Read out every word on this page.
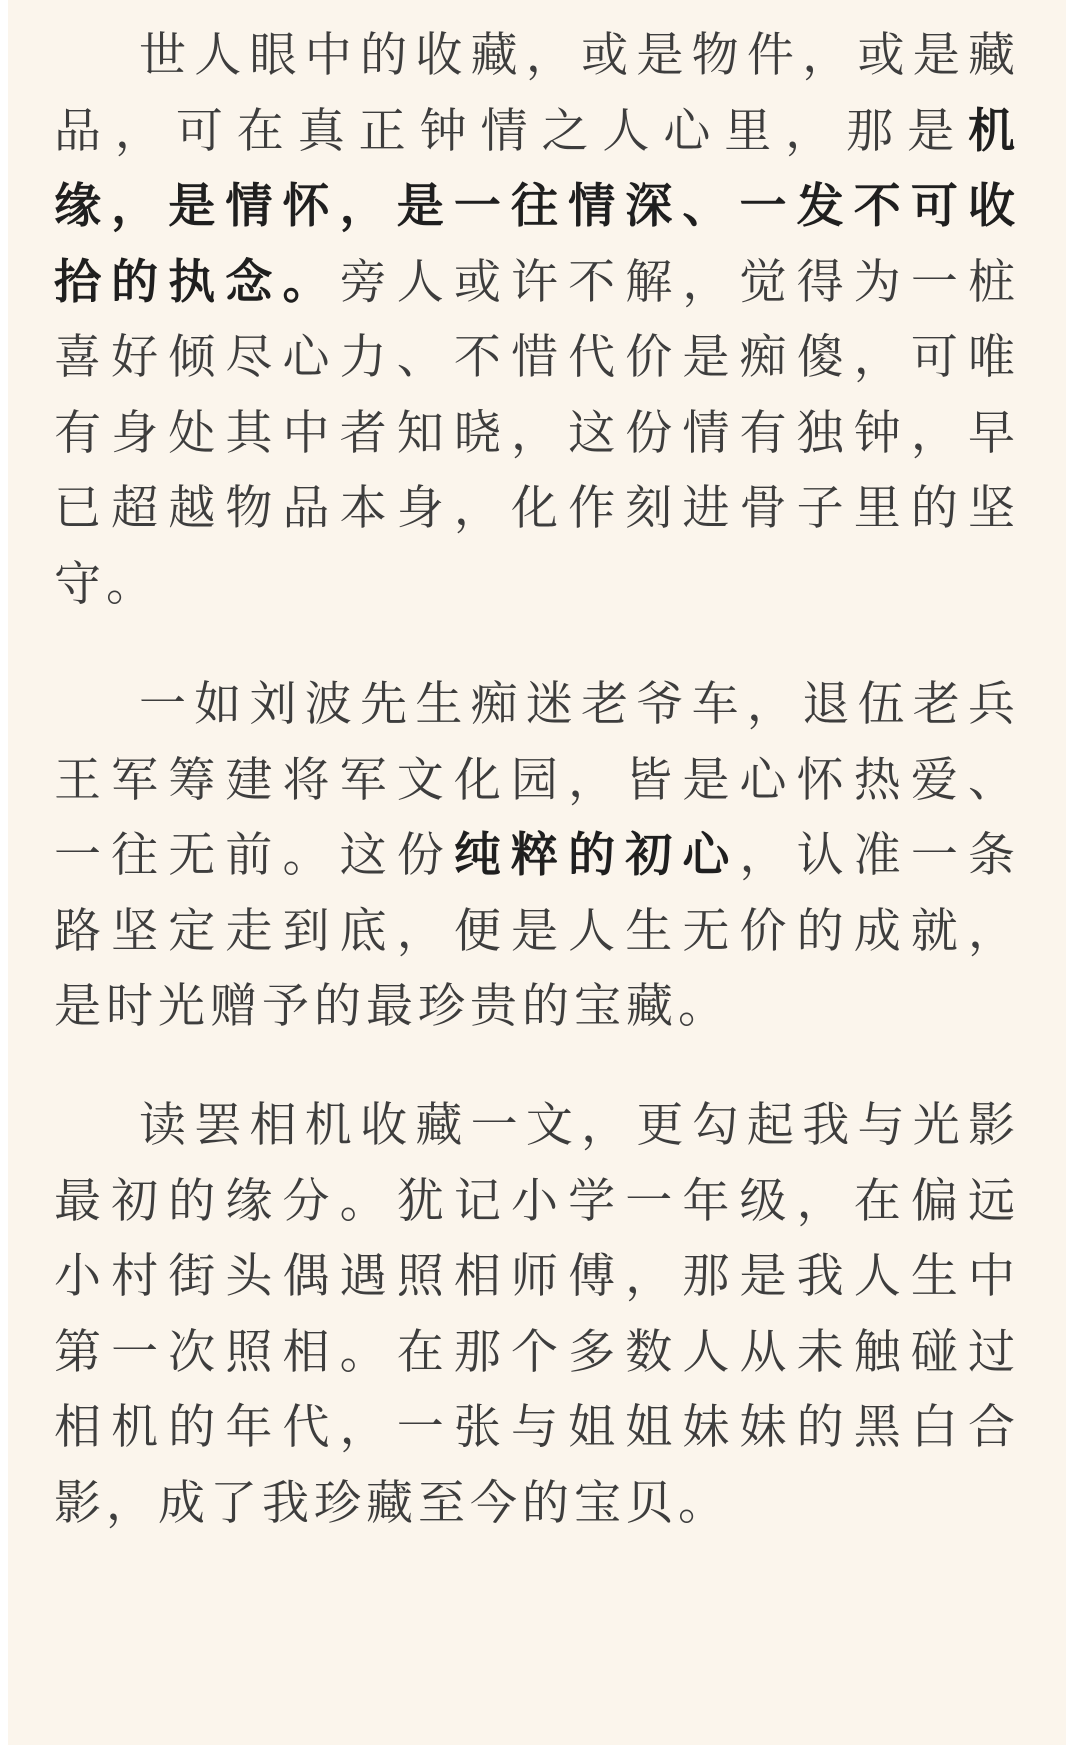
世人眼中的收藏，或是物件，或是藏
品，可在真正钟情之人心里，那是机
缘，是情怀，是一往情深、一发不可收
拾的执念。旁人或许不解，觉得为一桩
喜好倾尽心力、不惜代价是痴傻，可唯
有身处其中者知晓，这份情有独钟，早
已超越物品本身，化作刻进骨子里的坚
守。
一如刘波先生痴迷老爷车，退伍老兵
王军筹建将军文化园，皆是心怀热爱、
一往无前。这份纯粹的初心，认准一条
路坚定走到底，便是人生无价的成就，
是时光赠予的最珍贵的宝藏。
读罢相机收藏一文，更勾起我与光影
最初的缘分。犹记小学一年级，在偏远
小村街头偶遇照相师傅，那是我人生中
第一次照相。在那个多数人从未触碰过
相机的年代，一张与姐姐妹妹的黑白合
影，成了我珍藏至今的宝贝。
